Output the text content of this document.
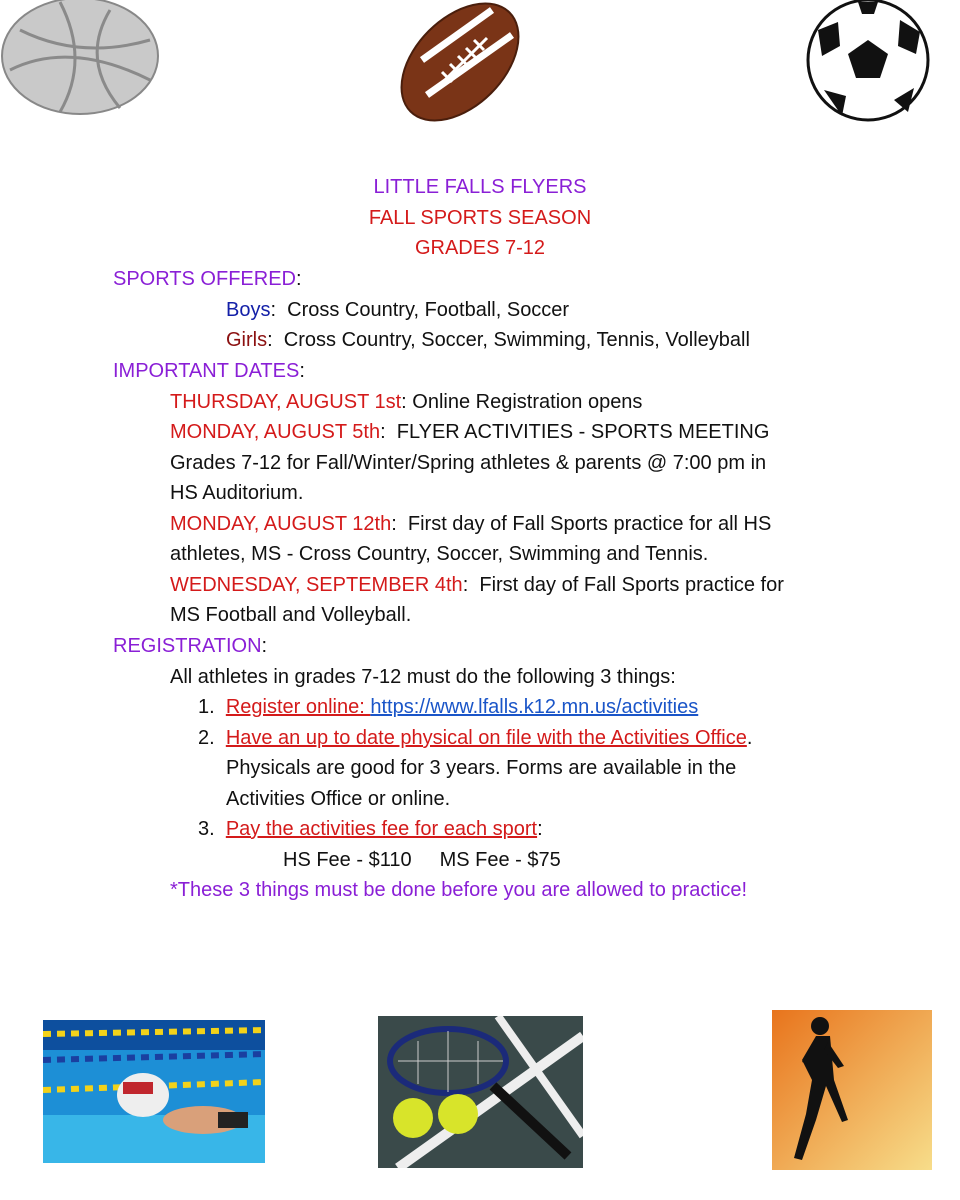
LITTLE FALLS FLYERS
FALL SPORTS SEASON
GRADES 7-12
SPORTS OFFERED:
Boys:  Cross Country, Football, Soccer
Girls:  Cross Country, Soccer, Swimming, Tennis, Volleyball
IMPORTANT DATES:
THURSDAY, AUGUST 1st: Online Registration opens
MONDAY, AUGUST 5th:  FLYER ACTIVITIES - SPORTS MEETING
Grades 7-12 for Fall/Winter/Spring athletes & parents @ 7:00 pm in
HS Auditorium.
MONDAY, AUGUST 12th:  First day of Fall Sports practice for all HS
athletes, MS - Cross Country, Soccer, Swimming and Tennis.
WEDNESDAY, SEPTEMBER 4th:  First day of Fall Sports practice for
MS Football and Volleyball.
REGISTRATION:
All athletes in grades 7-12 must do the following 3 things:
1. Register online: https://www.lfalls.k12.mn.us/activities
2. Have an up to date physical on file with the Activities Office.
Physicals are good for 3 years. Forms are available in the
Activities Office or online.
3. Pay the activities fee for each sport:
HS Fee - $110 MS Fee - $75
*These 3 things must be done before you are allowed to practice!
